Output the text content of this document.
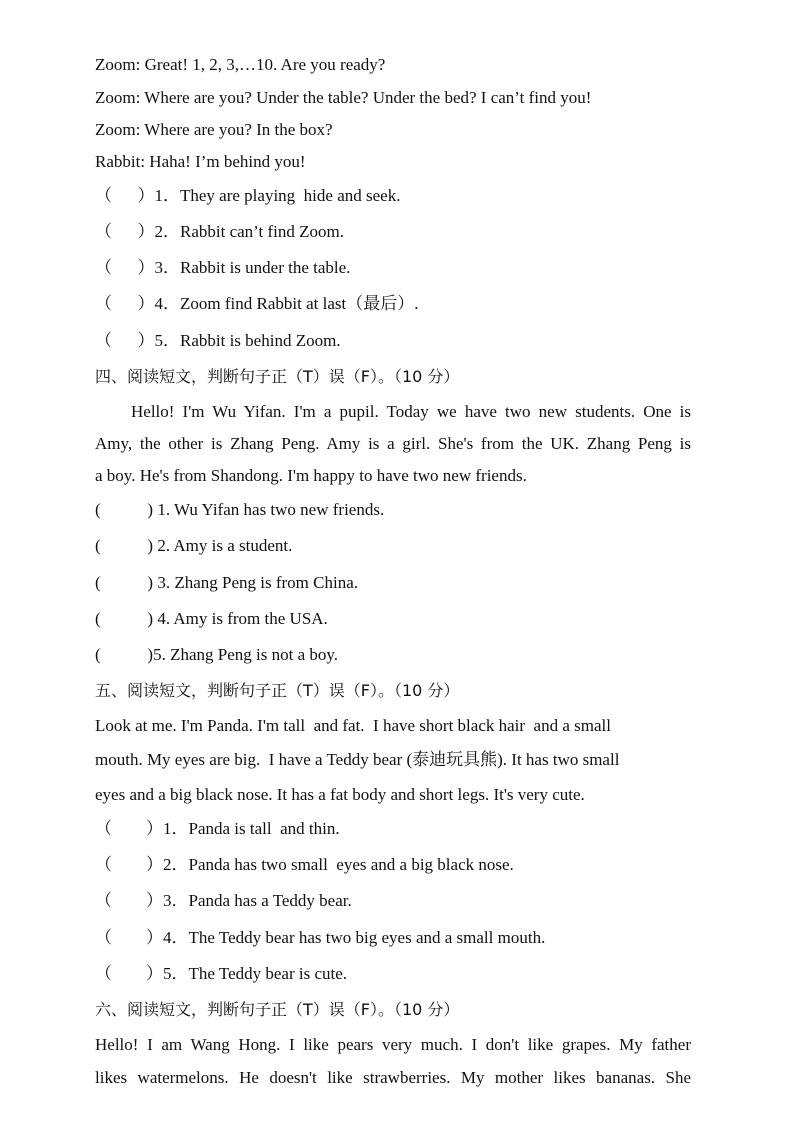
Zoom: Great! 1, 2, 3,…10. Are you ready?
Zoom: Where are you? Under the table? Under the bed? I can’t find you!
Zoom: Where are you? In the box?
Rabbit: Haha! I’m behind you!
（      ）1．They are playing  hide and seek.
（      ）2．Rabbit can’t find Zoom.
（      ）3．Rabbit is under the table.
（      ）4．Zoom find Rabbit at last（最后）.
（      ）5．Rabbit is behind Zoom.
四、阅读短文，判断句子正（T）误（F）。（10 分）
Hello! I'm Wu Yifan. I'm a pupil. Today we have two new students. One is
Amy, the other is Zhang Peng. Amy is a girl. She's from the UK. Zhang Peng is
a boy. He's from Shandong. I'm happy to have two new friends.
(           ) 1. Wu Yifan has two new friends.
(           ) 2. Amy is a student.
(           ) 3. Zhang Peng is from China.
(           ) 4. Amy is from the USA.
(           )5. Zhang Peng is not a boy.
五、阅读短文，判断句子正（T）误（F）。（10 分）
Look at me. I'm Panda. I'm tall  and fat.  I have short black hair  and a small
mouth. My eyes are big.  I have a Teddy bear (泰迪玩具熊). It has two small
eyes and a big black nose. It has a fat body and short legs. It's very cute.
（        ）1．Panda is tall  and thin.
（        ）2．Panda has two small  eyes and a big black nose.
（        ）3．Panda has a Teddy bear.
（        ）4．The Teddy bear has two big eyes and a small mouth.
（        ）5．The Teddy bear is cute.
六、阅读短文，判断句子正（T）误（F）。（10 分）
Hello! I am Wang Hong. I like pears very much. I don't like grapes. My father
likes watermelons. He doesn't like strawberries. My mother likes bananas. She
